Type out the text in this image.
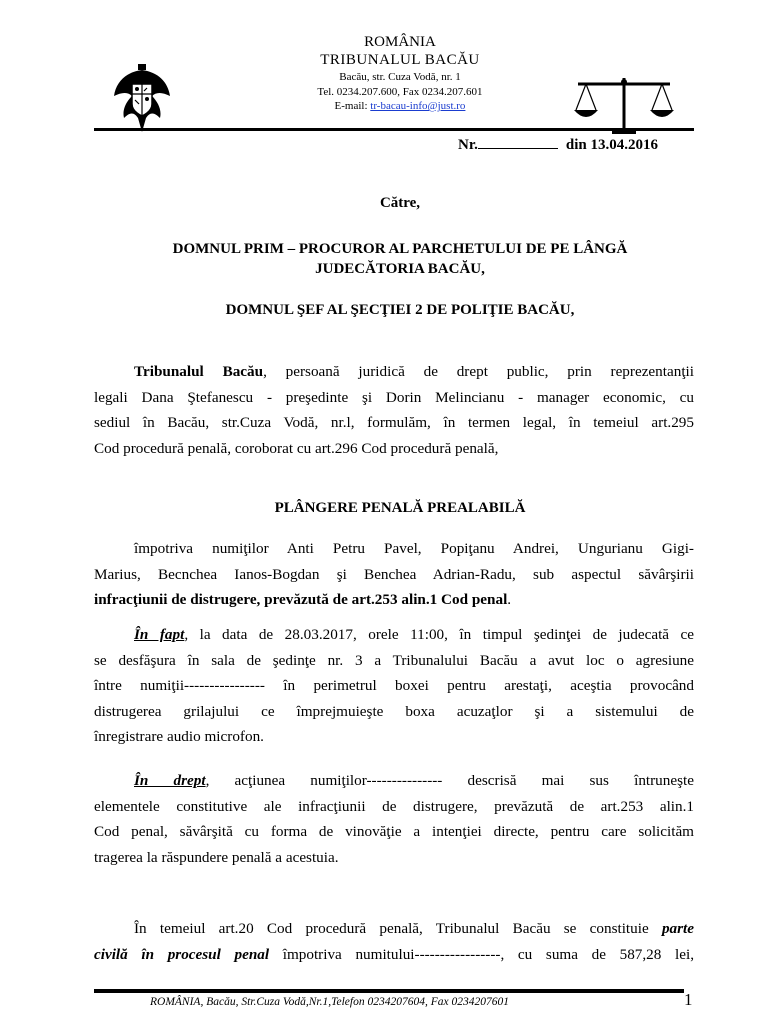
ROMÂNIA
TRIBUNALUL BACĂU
Bacău, str. Cuza Vodă, nr. 1
Tel. 0234.207.600, Fax 0234.207.601
E-mail: tr-bacau-info@just.ro
Nr.	din 13.04.2016
Către,
DOMNUL PRIM – PROCUROR AL PARCHETULUI DE PE LÂNGĂ
JUDECĂTORIA BACĂU,
DOMNUL ŞEF AL ŞECŢIEI 2 DE POLIŢIE BACĂU,
Tribunalul Bacău, persoană juridică de drept public, prin reprezentanţii
legali Dana Ştefanescu - preşedinte şi Dorin Melincianu - manager economic, cu
sediul în Bacău, str.Cuza Vodă, nr.l, formulăm, în termen legal, în temeiul art.295
Cod procedură penală, coroborat cu art.296 Cod procedură penală,
PLÂNGERE PENALĂ PREALABILĂ
împotriva numiţilor Anti Petru Pavel, Popiţanu Andrei, Ungurianu Gigi-
Marius, Becnchea Ianos-Bogdan şi Benchea Adrian-Radu, sub aspectul săvârşirii
infracţiunii de distrugere, prevăzută de art.253 alin.1 Cod penal.
În fapt, la data de 28.03.2017, orele 11:00, în timpul şedinţei de judecată ce
se desfăşura în sala de şedinţe nr. 3 a Tribunalului Bacău a avut loc o agresiune
între numiţii---------------- în perimetrul boxei pentru arestaţi, aceştia provocând
distrugerea grilajului ce împrejmuieşte boxa acuzaţlor şi a sistemului de
înregistrare audio microfon.
În drept, acţiunea numiţilor--------------- descrisă mai sus întruneşte
elementele constitutive ale infracţiunii de distrugere, prevăzută de art.253 alin.1
Cod penal, săvârşită cu forma de vinovăţie a intenţiei directe, pentru care solicităm
tragerea la răspundere penală a acestuia.
În temeiul art.20 Cod procedură penală, Tribunalul Bacău se constituie parte
civilă în procesul penal împotriva numitului-----------------, cu suma de 587,28 lei,
ROMÂNIA, Bacău, Str.Cuza Vodă,Nr.1,Telefon 0234207604, Fax 0234207601	1
